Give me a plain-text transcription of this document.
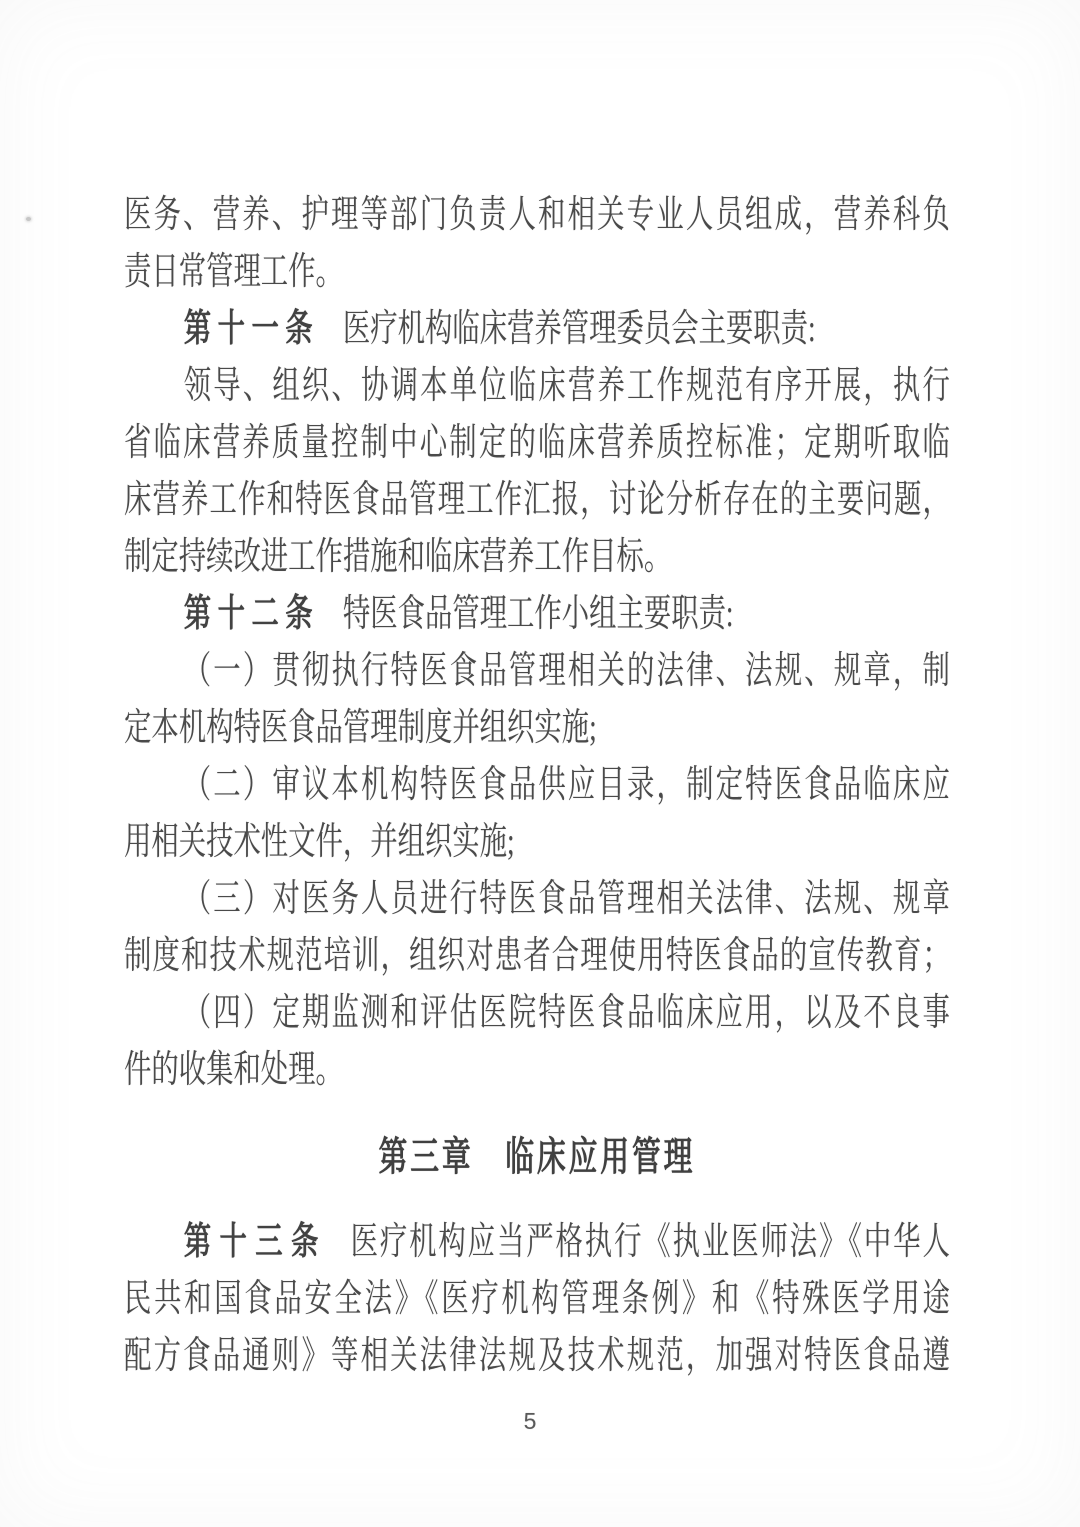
医务、营养、护理等部门负责人和相关专业人员组成，营养科负
责日常管理工作。
第十一条 医疗机构临床营养管理委员会主要职责:
领导、组织、协调本单位临床营养工作规范有序开展，执行
省临床营养质量控制中心制定的临床营养质控标准；定期听取临
床营养工作和特医食品管理工作汇报，讨论分析存在的主要问题，
制定持续改进工作措施和临床营养工作目标。
第十二条 特医食品管理工作小组主要职责:
（一）贯彻执行特医食品管理相关的法律、法规、规章，制
定本机构特医食品管理制度并组织实施;
（二）审议本机构特医食品供应目录，制定特医食品临床应
用相关技术性文件，并组织实施;
（三）对医务人员进行特医食品管理相关法律、法规、规章
制度和技术规范培训，组织对患者合理使用特医食品的宣传教育；
（四）定期监测和评估医院特医食品临床应用，以及不良事
件的收集和处理。
第三章　临床应用管理
第十三条 医疗机构应当严格执行《执业医师法》《中华人
民共和国食品安全法》《医疗机构管理条例》和《特殊医学用途
配方食品通则》等相关法律法规及技术规范，加强对特医食品遵
5
